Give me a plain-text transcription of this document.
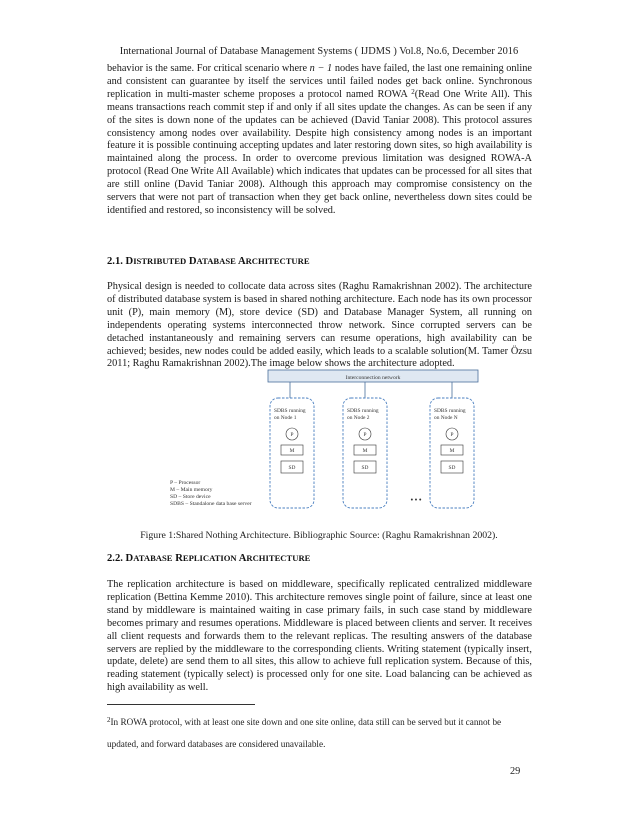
International Journal of Database Management Systems ( IJDMS ) Vol.8, No.6, December 2016

behavior is the same. For critical scenario where n − 1 nodes have failed, the last one remaining online and consistent can guarantee by itself the services until failed nodes get back online. Synchronous replication in multi-master scheme proposes a protocol named ROWA $^2$(Read One Write All). This means transactions reach commit step if and only if all sites update the changes. As can be seen if any of the sites is down none of the updates can be achieved (David Taniar 2008). This protocol assures consistency among nodes over availability. Despite high consistency among nodes is an important feature it is possible continuing accepting updates and later restoring down sites, so high availability is maintained along the process. In order to overcome previous limitation was designed ROWA-A protocol (Read One Write All Available) which indicates that updates can be processed for all sites that are still online (David Taniar 2008). Although this approach may compromise consistency on the servers that were not part of transaction when they get back online, nevertheless down sites could be identified and restored, so inconsistency will be solved.

2.1. DISTRIBUTED DATABASE ARCHITECTURE

Physical design is needed to collocate data across sites (Raghu Ramakrishnan 2002). The architecture of distributed database system is based in shared nothing architecture. Each node has its own processor unit (P), main memory (M), store device (SD) and Database Manager System, all running on independents operating systems interconnected throw network. Since corrupted servers can be detached instantaneously and remaining servers can resume operations, high availability can be achieved; besides, new nodes could be added easily, which leads to a scalable solution(M. Tamer Özsu 2011; Raghu Ramakrishnan 2002).The image below shows the architecture adopted.

Interconnection network
SDBS running
on Node 1
P
M
SD
SDBS running
on Node 2
P
M
SD
• • •
SDBS running
on Node N
P
M
SD
P – Processor
M – Main memory
SD – Store device
SDBS – Standalone data base server
Figure 1:Shared Nothing Architecture. Bibliographic Source: (Raghu Ramakrishnan 2002).
2.2. DATABASE REPLICATION ARCHITECTURE

The replication architecture is based on middleware, specifically replicated centralized middleware replication (Bettina Kemme 2010). This architecture removes single point of failure, since at least one stand by middleware is maintained waiting in case primary fails, in such case stand by middleware becomes primary and resumes operations. Middleware is placed between clients and server. It receives all client requests and forwards them to the relevant replicas. The resulting answers of the database servers are replied by the middleware to the corresponding clients. Writing statement (typically insert, update, delete) are send them to all sites, this allow to achieve full replication system. Because of this, reading statement (typically select) is processed only for one site. Load balancing can be achieved as high availability as well.

$^2$In ROWA protocol, with at least one site down and one site online, data still can be served but it cannot be updated, and forward databases are considered unavailable.
29
